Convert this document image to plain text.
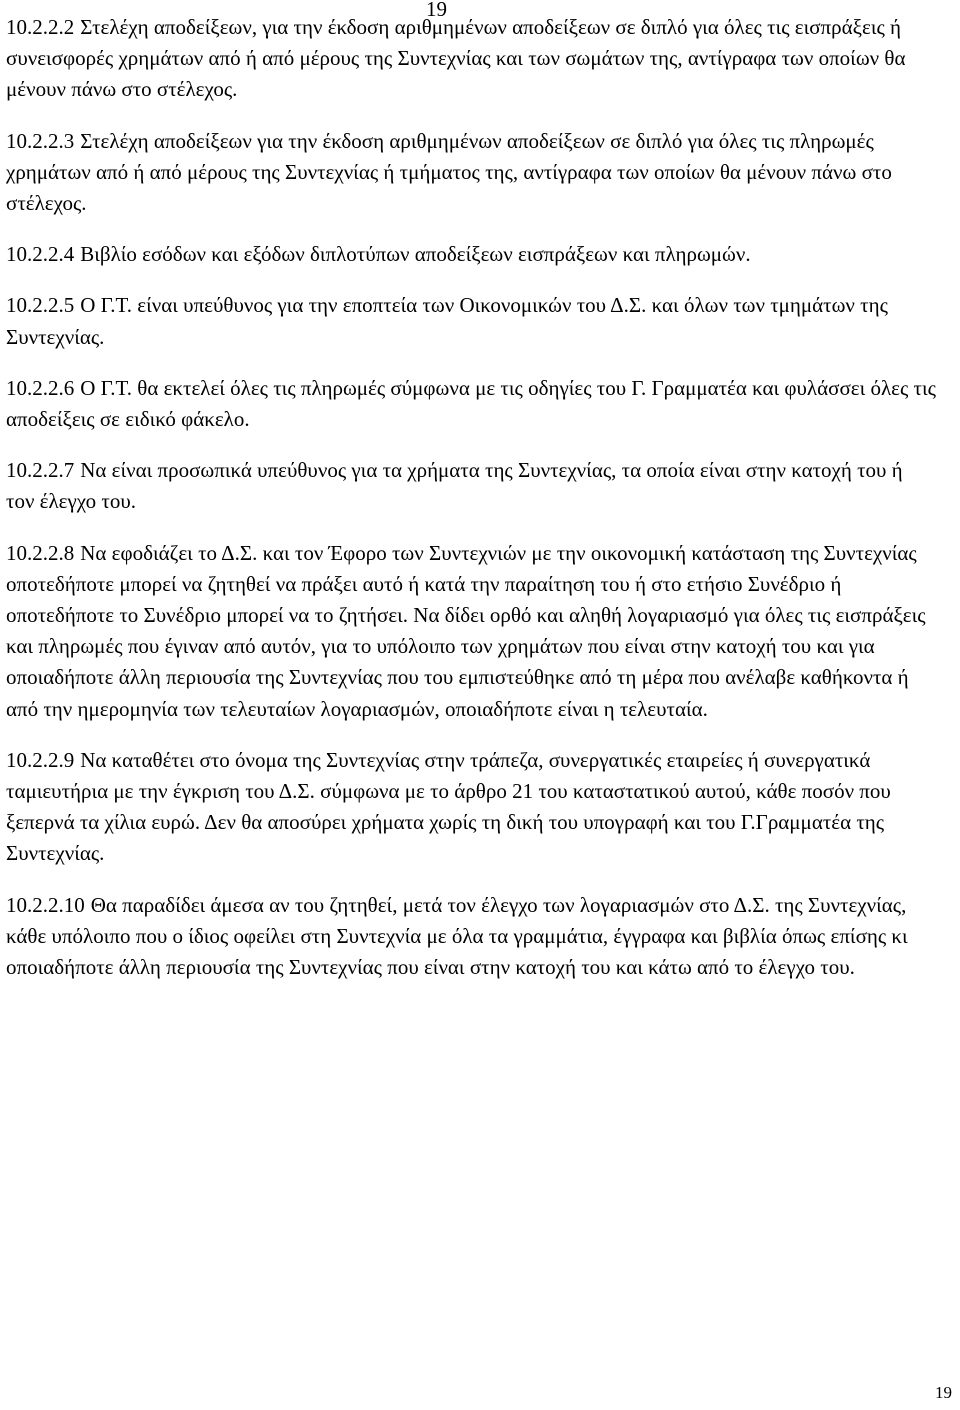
19

10.2.2.2 Στελέχη αποδείξεων, για την έκδοση αριθμημένων αποδείξεων σε διπλό για όλες τις εισπράξεις ή συνεισφορές χρημάτων από ή από μέρους της Συντεχνίας και των σωμάτων της, αντίγραφα των οποίων θα μένουν πάνω στο στέλεχος.

10.2.2.3 Στελέχη αποδείξεων για την έκδοση αριθμημένων αποδείξεων σε διπλό για όλες τις πληρωμές χρημάτων από ή από μέρους της Συντεχνίας ή τμήματος της, αντίγραφα των οποίων θα μένουν πάνω στο στέλεχος.

10.2.2.4 Βιβλίο εσόδων και εξόδων διπλοτύπων αποδείξεων εισπράξεων και πληρωμών.

10.2.2.5 Ο Γ.Τ. είναι υπεύθυνος για την εποπτεία των Οικονομικών του Δ.Σ. και όλων των τμημάτων της Συντεχνίας.

10.2.2.6 Ο Γ.Τ. θα εκτελεί όλες τις πληρωμές σύμφωνα με τις οδηγίες του Γ. Γραμματέα και φυλάσσει όλες τις αποδείξεις σε ειδικό φάκελο.

10.2.2.7 Να είναι προσωπικά υπεύθυνος για τα χρήματα της Συντεχνίας, τα οποία είναι στην κατοχή του ή τον έλεγχο του.

10.2.2.8 Να εφοδιάζει το Δ.Σ. και τον Έφορο των Συντεχνιών με την οικονομική κατάσταση της Συντεχνίας οποτεδήποτε μπορεί να ζητηθεί να πράξει αυτό ή κατά την παραίτηση του ή στο ετήσιο Συνέδριο ή οποτεδήποτε το Συνέδριο μπορεί να το ζητήσει. Να δίδει ορθό και αληθή λογαριασμό για όλες τις εισπράξεις και πληρωμές που έγιναν από αυτόν, για το υπόλοιπο των χρημάτων που είναι στην κατοχή του και για οποιαδήποτε άλλη περιουσία της Συντεχνίας που του εμπιστεύθηκε από τη μέρα που ανέλαβε καθήκοντα ή από την ημερομηνία των τελευταίων λογαριασμών, οποιαδήποτε είναι η τελευταία.

10.2.2.9 Να καταθέτει στο όνομα της Συντεχνίας στην τράπεζα, συνεργατικές εταιρείες ή συνεργατικά ταμιευτήρια με την έγκριση του Δ.Σ. σύμφωνα με το άρθρο 21 του καταστατικού αυτού, κάθε ποσόν που ξεπερνά τα χίλια ευρώ. Δεν θα αποσύρει χρήματα χωρίς τη δική του υπογραφή και του Γ.Γραμματέα της Συντεχνίας.

10.2.2.10 Θα παραδίδει άμεσα αν του ζητηθεί, μετά τον έλεγχο των λογαριασμών στο Δ.Σ. της Συντεχνίας, κάθε υπόλοιπο που ο ίδιος οφείλει στη Συντεχνία με όλα τα γραμμάτια, έγγραφα και βιβλία όπως επίσης κι οποιαδήποτε άλλη περιουσία της Συντεχνίας που είναι στην κατοχή του και κάτω από το έλεγχο του.

19
